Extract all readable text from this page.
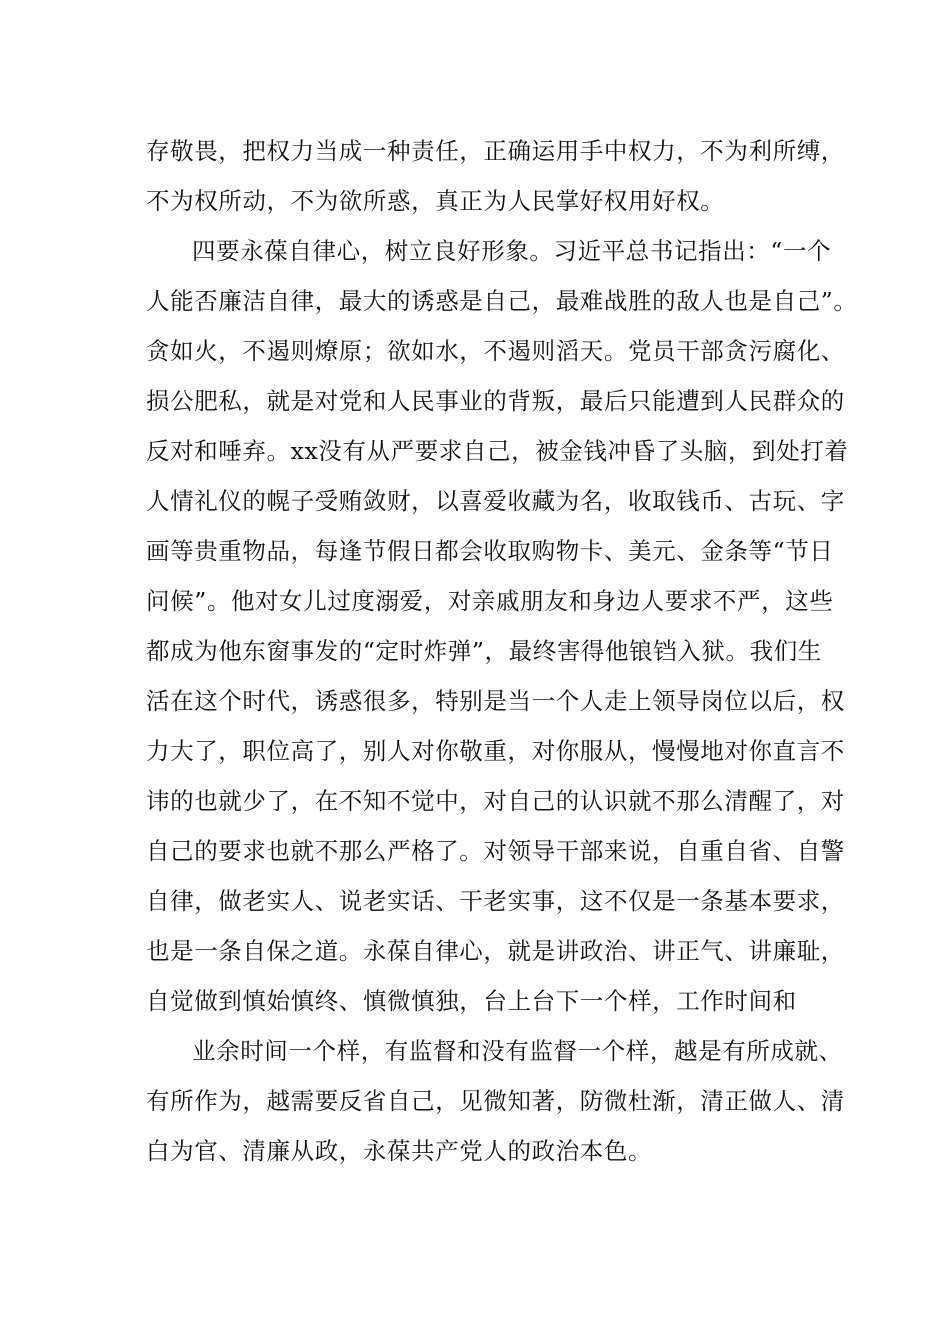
存敬畏，把权力当成一种责任，正确运用手中权力，不为利所缚，
不为权所动，不为欲所惑，真正为人民掌好权用好权。
四要永葆自律心，树立良好形象。习近平总书记指出：“一个
人能否廉洁自律，最大的诱惑是自己，最难战胜的敌人也是自己”。
贪如火，不遏则燎原；欲如水，不遏则滔天。党员干部贪污腐化、
损公肥私，就是对党和人民事业的背叛，最后只能遭到人民群众的
反对和唾弃。xx没有从严要求自己，被金钱冲昏了头脑，到处打着
人情礼仪的幌子受贿敛财，以喜爱收藏为名，收取钱币、古玩、字
画等贵重物品，每逢节假日都会收取购物卡、美元、金条等“节日
问候”。他对女儿过度溺爱，对亲戚朋友和身边人要求不严，这些
都成为他东窗事发的“定时炸弹”，最终害得他锒铛入狱。我们生
活在这个时代，诱惑很多，特别是当一个人走上领导岗位以后，权
力大了，职位高了，别人对你敬重，对你服从，慢慢地对你直言不
讳的也就少了，在不知不觉中，对自己的认识就不那么清醒了，对
自己的要求也就不那么严格了。对领导干部来说，自重自省、自警
自律，做老实人、说老实话、干老实事，这不仅是一条基本要求，
也是一条自保之道。永葆自律心，就是讲政治、讲正气、讲廉耻，
自觉做到慎始慎终、慎微慎独，台上台下一个样，工作时间和
业余时间一个样，有监督和没有监督一个样，越是有所成就、
有所作为，越需要反省自己，见微知著，防微杜渐，清正做人、清
白为官、清廉从政，永葆共产党人的政治本色。
